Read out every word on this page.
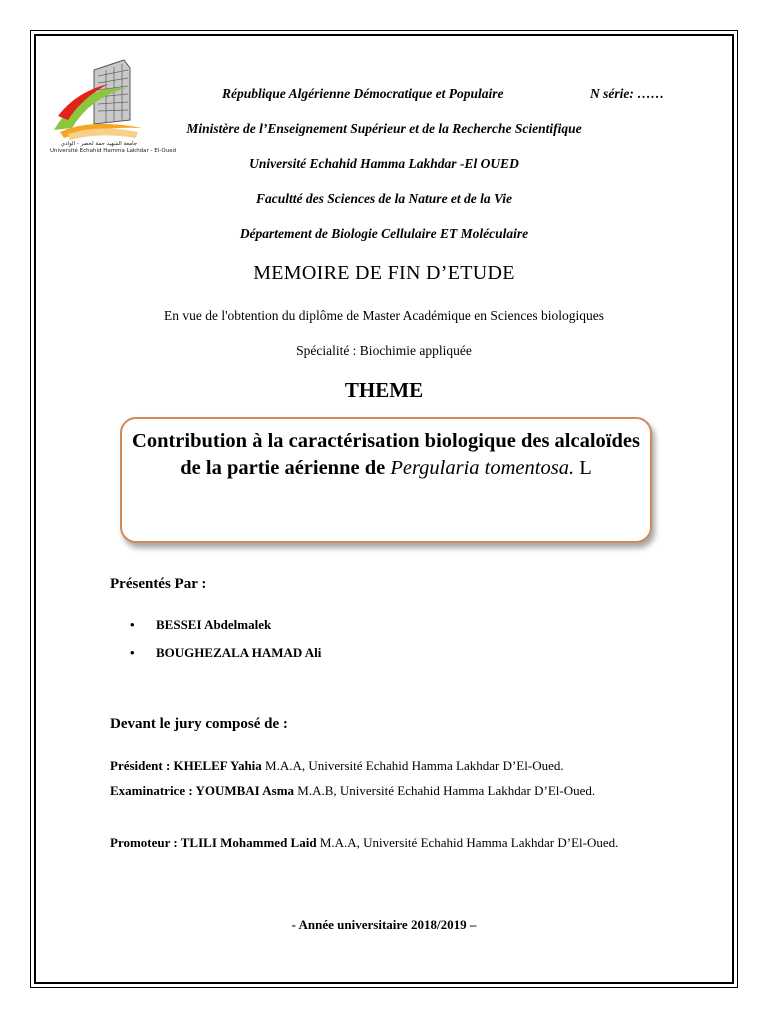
جامعة الشهيد حمة لخضر - الوادي
Université Echahid Hamma Lakhdar - El-Oued
République Algérienne Démocratique et Populaire	N série: ……
Ministère de l’Enseignement Supérieur et de la Recherche Scientifique
Université Echahid Hamma Lakhdar -El OUED
Facultté des Sciences de la Nature et de la Vie
Département de Biologie Cellulaire ET Moléculaire
MEMOIRE DE FIN D’ETUDE
En vue de l'obtention du diplôme de Master Académique en Sciences biologiques
Spécialité : Biochimie appliquée
THEME
Contribution à la caractérisation biologique des alcaloïdes de la partie aérienne de Pergularia tomentosa. L
Présentés Par :
• BESSEI Abdelmalek
• BOUGHEZALA HAMAD Ali
Devant le jury composé de :
Président : KHELEF Yahia M.A.A, Université Echahid Hamma Lakhdar D’El-Oued.
Examinatrice : YOUMBAI Asma M.A.B, Université Echahid Hamma Lakhdar D’El-Oued.
Promoteur : TLILI Mohammed Laid M.A.A, Université Echahid Hamma Lakhdar D’El-Oued.
- Année universitaire 2018/2019 –
